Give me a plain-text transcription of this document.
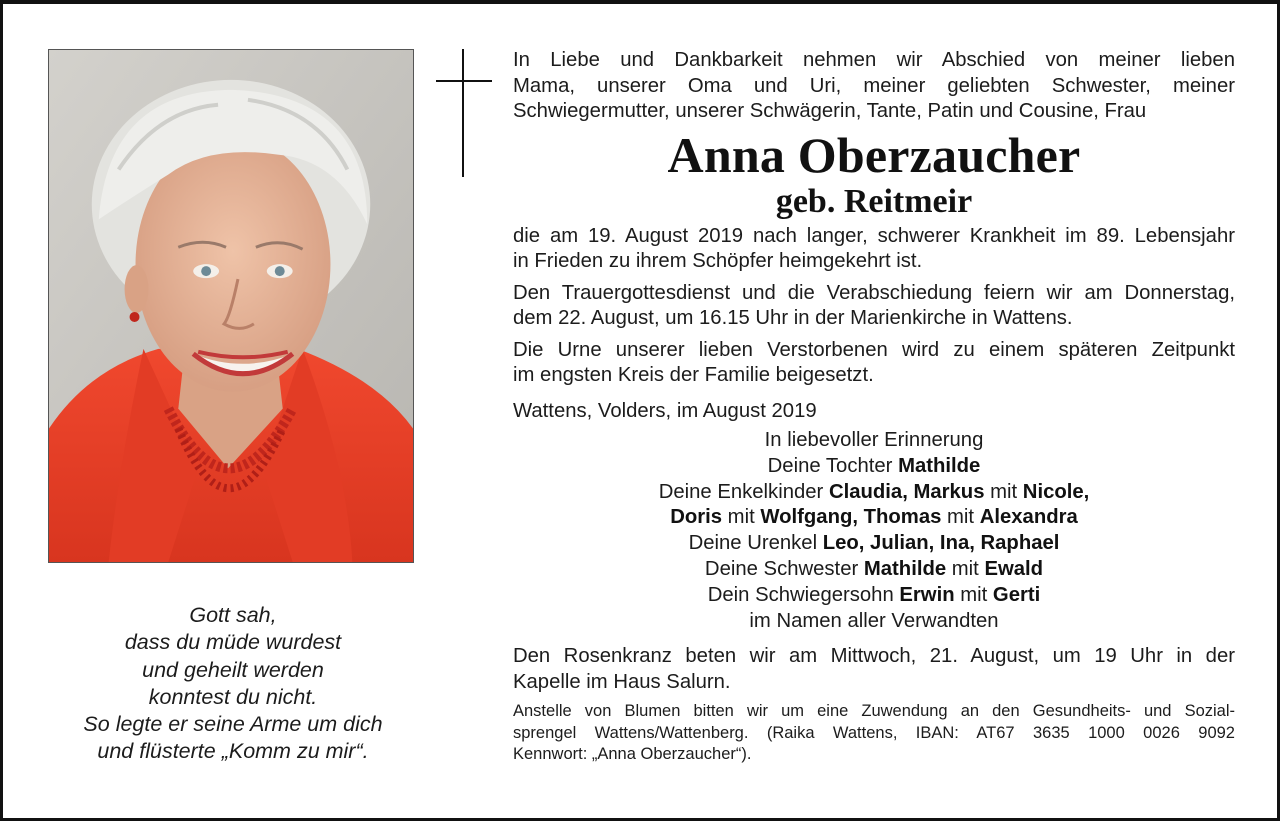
Gott sah,
dass du müde wurdest
und geheilt werden
konntest du nicht.
So legte er seine Arme um dich
und flüsterte „Komm zu mir“.
In Liebe und Dankbarkeit nehmen wir Abschied von meiner lieben
Mama, unserer Oma und Uri, meiner geliebten Schwester, meiner
Schwiegermutter, unserer Schwägerin, Tante, Patin und Cousine, Frau
Anna Oberzaucher
geb. Reitmeir
die am 19. August 2019 nach langer, schwerer Krankheit im 89. Lebensjahr
in Frieden zu ihrem Schöpfer heimgekehrt ist.
Den Trauergottesdienst und die Verabschiedung feiern wir am Donnerstag,
dem 22. August, um 16.15 Uhr in der Marienkirche in Wattens.
Die Urne unserer lieben Verstorbenen wird zu einem späteren Zeitpunkt
im engsten Kreis der Familie beigesetzt.
Wattens, Volders, im August 2019
In liebevoller Erinnerung
Deine Tochter Mathilde
Deine Enkelkinder Claudia, Markus mit Nicole,
Doris mit Wolfgang, Thomas mit Alexandra
Deine Urenkel Leo, Julian, Ina, Raphael
Deine Schwester Mathilde mit Ewald
Dein Schwiegersohn Erwin mit Gerti
im Namen aller Verwandten
Den Rosenkranz beten wir am Mittwoch, 21. August, um 19 Uhr in der
Kapelle im Haus Salurn.
Anstelle von Blumen bitten wir um eine Zuwendung an den Gesundheits- und Sozial-
sprengel Wattens/Wattenberg. (Raika Wattens, IBAN: AT67 3635 1000 0026 9092
Kennwort: „Anna Oberzaucher“).
